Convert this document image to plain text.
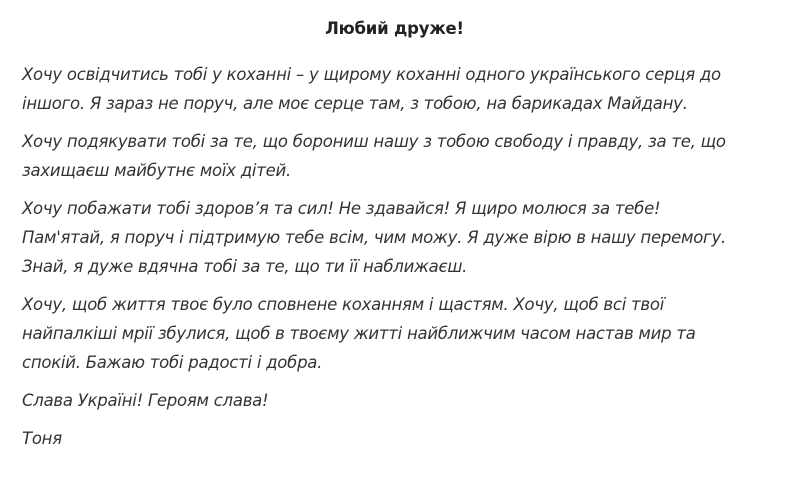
Любий друже!

Хочу освідчитись тобі у коханні – у щирому коханні одного українського серця до
іншого. Я зараз не поруч, але моє серце там, з тобою, на барикадах Майдану.

Хочу подякувати тобі за те, що борониш нашу з тобою свободу і правду, за те, що
захищаєш майбутнє моїх дітей.

Хочу побажати тобі здоров’я та сил! Не здавайся! Я щиро молюся за тебе!
Пам'ятай, я поруч і підтримую тебе всім, чим можу. Я дуже вірю в нашу перемогу.
Знай, я дуже вдячна тобі за те, що ти її наближаєш.

Хочу, щоб життя твоє було сповнене коханням і щастям. Хочу, щоб всі твої
найпалкіші мрії збулися, щоб в твоєму житті найближчим часом настав мир та
спокій. Бажаю тобі радості і добра.

Слава Україні! Героям слава!

Тоня
